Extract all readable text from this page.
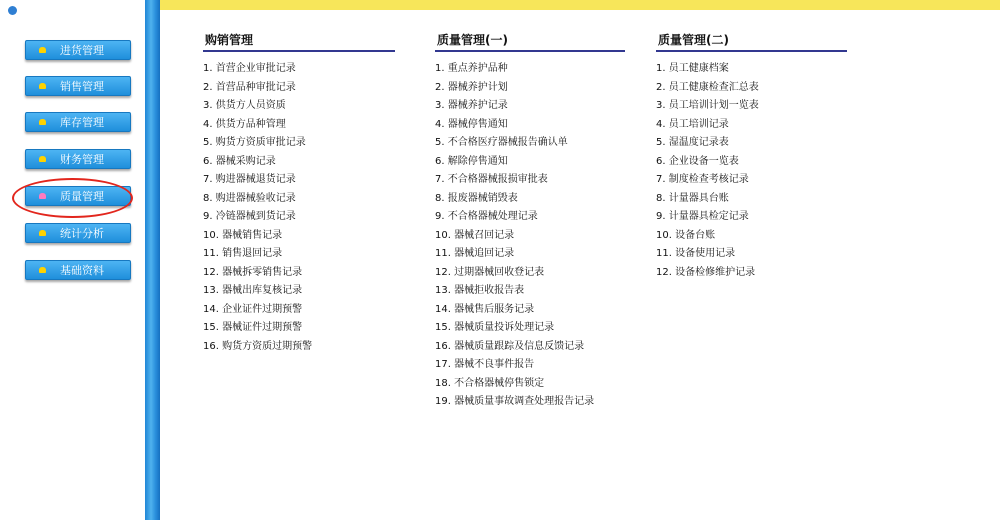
进货管理
销售管理
库存管理
财务管理
质量管理
统计分析
基础资料
购销管理
1. 首营企业审批记录
2. 首营品种审批记录
3. 供货方人员资质
4. 供货方品种管理
5. 购货方资质审批记录
6. 器械采购记录
7. 购进器械退货记录
8. 购进器械验收记录
9. 冷链器械到货记录
10. 器械销售记录
11. 销售退回记录
12. 器械拆零销售记录
13. 器械出库复核记录
14. 企业证件过期预警
15. 器械证件过期预警
16. 购货方资质过期预警
质量管理(一)
1. 重点养护品种
2. 器械养护计划
3. 器械养护记录
4. 器械停售通知
5. 不合格医疗器械报告确认单
6. 解除停售通知
7. 不合格器械报损审批表
8. 报废器械销毁表
9. 不合格器械处理记录
10. 器械召回记录
11. 器械追回记录
12. 过期器械回收登记表
13. 器械拒收报告表
14. 器械售后服务记录
15. 器械质量投诉处理记录
16. 器械质量跟踪及信息反馈记录
17. 器械不良事件报告
18. 不合格器械停售锁定
19. 器械质量事故调查处理报告记录
质量管理(二)
1. 员工健康档案
2. 员工健康检查汇总表
3. 员工培训计划一览表
4. 员工培训记录
5. 湿温度记录表
6. 企业设备一览表
7. 制度检查考核记录
8. 计量器具台账
9. 计量器具检定记录
10. 设备台账
11. 设备使用记录
12. 设备检修维护记录
